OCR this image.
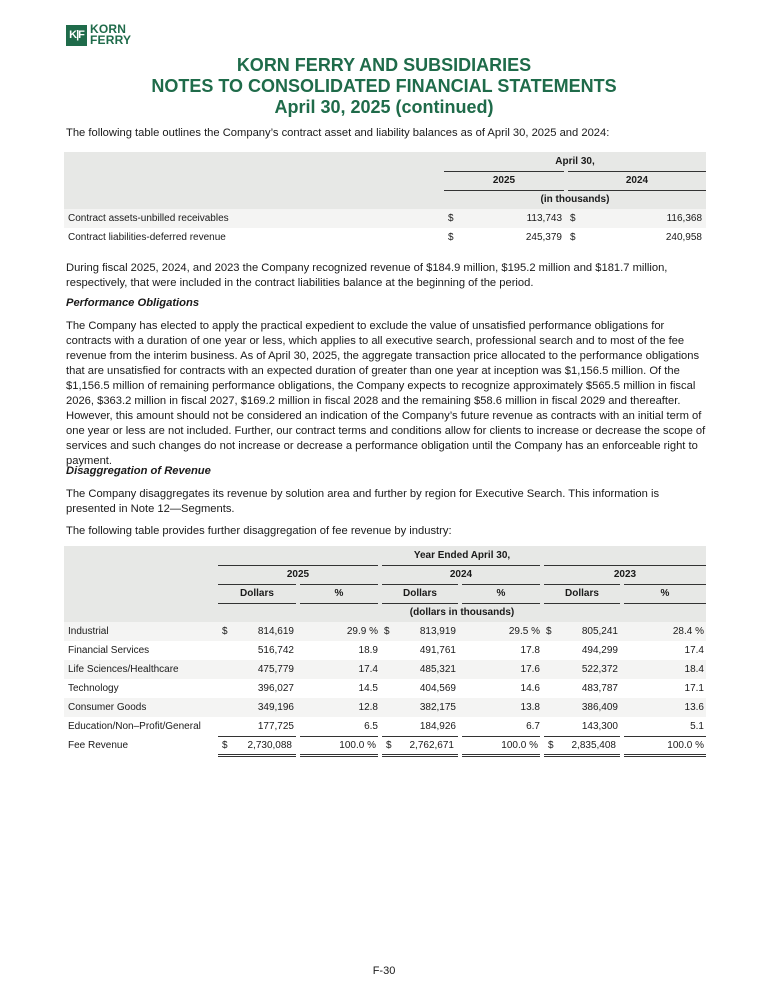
K|F KORN
FERRY
KORN FERRY AND SUBSIDIARIES
NOTES TO CONSOLIDATED FINANCIAL STATEMENTS
April 30, 2025 (continued)
The following table outlines the Company’s contract asset and liability balances as of April 30, 2025 and 2024:
	April 30,			
	2025		2024	
	(in thousands)			
Contract assets-unbilled receivables	$	113,743	$	116,368
Contract liabilities-deferred revenue	$	245,379	$	240,958
During fiscal 2025, 2024, and 2023 the Company recognized revenue of $184.9 million, $195.2 million and $181.7 million, respectively, that were included in the contract liabilities balance at the beginning of the period.
Performance Obligations
The Company has elected to apply the practical expedient to exclude the value of unsatisfied performance obligations for contracts with a duration of one year or less, which applies to all executive search, professional search and to most of the fee revenue from the interim business. As of April 30, 2025, the aggregate transaction price allocated to the performance obligations that are unsatisfied for contracts with an expected duration of greater than one year at inception was $1,156.5 million. Of the $1,156.5 million of remaining performance obligations, the Company expects to recognize approximately $565.5 million in fiscal 2026, $363.2 million in fiscal 2027, $169.2 million in fiscal 2028 and the remaining $58.6 million in fiscal 2029 and thereafter. However, this amount should not be considered an indication of the Company’s future revenue as contracts with an initial term of one year or less are not included. Further, our contract terms and conditions allow for clients to increase or decrease the scope of services and such changes do not increase or decrease a performance obligation until the Company has an enforceable right to payment.
Disaggregation of Revenue
The Company disaggregates its revenue by solution area and further by region for Executive Search. This information is presented in Note 12—Segments.
The following table provides further disaggregation of fee revenue by industry:
	Year Ended April 30,								
	2025			2024			2023		
	Dollars		%	Dollars		%	Dollars		%
	(dollars in thousands)								
Industrial	$	814,619	29.9 %	$	813,919	29.5 %	$	805,241	28.4 %
Financial Services		516,742	18.9		491,761	17.8		494,299	17.4
Life Sciences/Healthcare		475,779	17.4		485,321	17.6		522,372	18.4
Technology		396,027	14.5		404,569	14.6		483,787	17.1
Consumer Goods		349,196	12.8		382,175	13.8		386,409	13.6
Education/Non–Profit/General		177,725	6.5		184,926	6.7		143,300	5.1
Fee Revenue	$	2,730,088	100.0 %	$	2,762,671	100.0 %	$	2,835,408	100.0 %
F-30
